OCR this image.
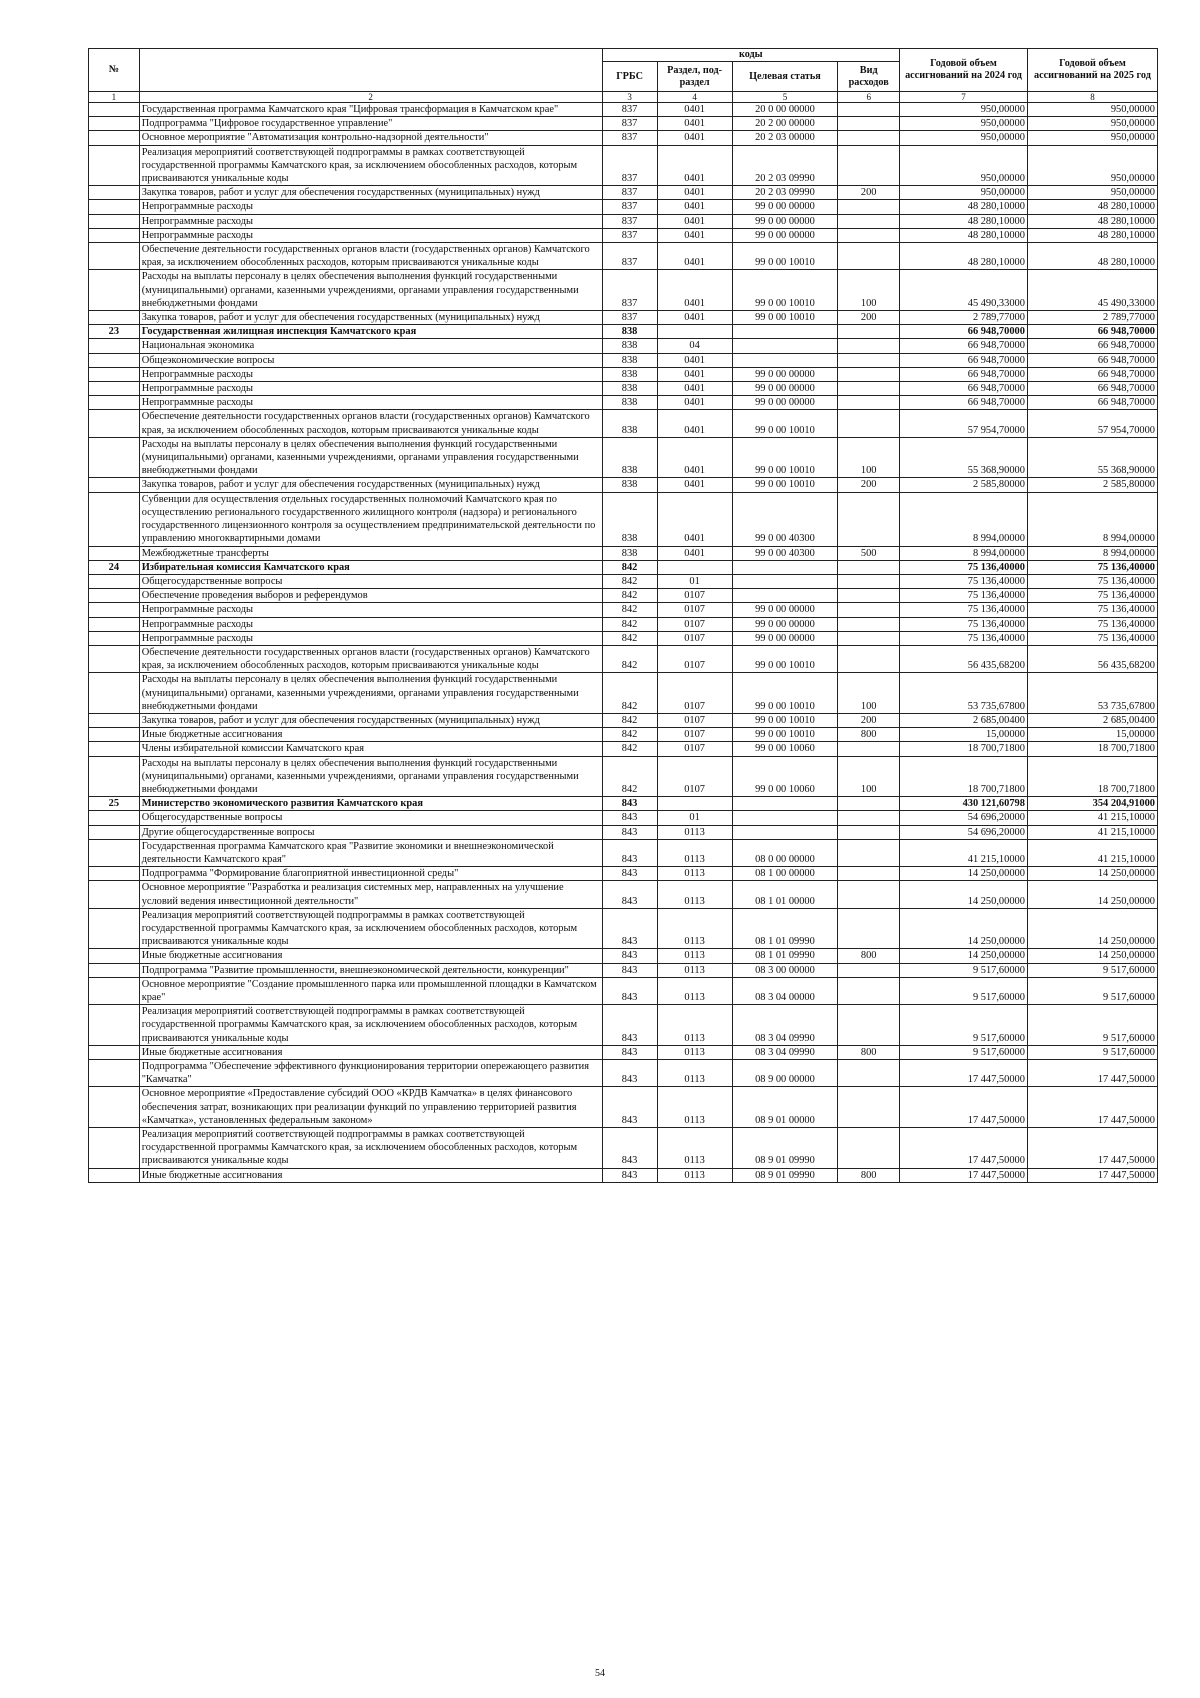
№		коды				Годовой объем ассигнований на 2024 год	Годовой объем ассигнований на 2025 год
		ГРБС	Раздел, под-раздел	Целевая статья	Вид расходов		
1	2	3	4	5	6	7	8
	Государственная программа Камчатского края "Цифровая трансформация в Камчатском крае"	837	0401	20 0 00 00000		950,00000	950,00000
	Подпрограмма "Цифровое государственное управление"	837	0401	20 2 00 00000		950,00000	950,00000
	Основное мероприятие "Автоматизация контрольно-надзорной деятельности"	837	0401	20 2 03 00000		950,00000	950,00000
	Реализация мероприятий соответствующей подпрограммы в рамках соответствующей государственной программы Камчатского края, за исключением обособленных расходов, которым присваиваются уникальные коды	837	0401	20 2 03 09990		950,00000	950,00000
	Закупка товаров, работ и услуг для обеспечения государственных (муниципальных) нужд	837	0401	20 2 03 09990	200	950,00000	950,00000
	Непрограммные расходы	837	0401	99 0 00 00000		48 280,10000	48 280,10000
	Непрограммные расходы	837	0401	99 0 00 00000		48 280,10000	48 280,10000
	Непрограммные расходы	837	0401	99 0 00 00000		48 280,10000	48 280,10000
	Обеспечение деятельности государственных органов власти (государственных органов) Камчатского края, за исключением обособленных расходов, которым присваиваются уникальные коды	837	0401	99 0 00 10010		48 280,10000	48 280,10000
	Расходы на выплаты персоналу в целях обеспечения выполнения функций государственными (муниципальными) органами, казенными учреждениями, органами управления государственными внебюджетными фондами	837	0401	99 0 00 10010	100	45 490,33000	45 490,33000
	Закупка товаров, работ и услуг для обеспечения государственных (муниципальных) нужд	837	0401	99 0 00 10010	200	2 789,77000	2 789,77000
23	Государственная жилищная инспекция Камчатского края	838				66 948,70000	66 948,70000
	Национальная экономика	838	04			66 948,70000	66 948,70000
	Общеэкономические вопросы	838	0401			66 948,70000	66 948,70000
	Непрограммные расходы	838	0401	99 0 00 00000		66 948,70000	66 948,70000
	Непрограммные расходы	838	0401	99 0 00 00000		66 948,70000	66 948,70000
	Непрограммные расходы	838	0401	99 0 00 00000		66 948,70000	66 948,70000
	Обеспечение деятельности государственных органов власти (государственных органов) Камчатского края, за исключением обособленных расходов, которым присваиваются уникальные коды	838	0401	99 0 00 10010		57 954,70000	57 954,70000
	Расходы на выплаты персоналу в целях обеспечения выполнения функций государственными (муниципальными) органами, казенными учреждениями, органами управления государственными внебюджетными фондами	838	0401	99 0 00 10010	100	55 368,90000	55 368,90000
	Закупка товаров, работ и услуг для обеспечения государственных (муниципальных) нужд	838	0401	99 0 00 10010	200	2 585,80000	2 585,80000
	Субвенции для осуществления отдельных государственных полномочий Камчатского края по осуществлению регионального государственного жилищного контроля (надзора) и регионального государственного лицензионного контроля за осуществлением предпринимательской деятельности по управлению многоквартирными домами	838	0401	99 0 00 40300		8 994,00000	8 994,00000
	Межбюджетные трансферты	838	0401	99 0 00 40300	500	8 994,00000	8 994,00000
24	Избирательная комиссия Камчатского края	842				75 136,40000	75 136,40000
	Общегосударственные вопросы	842	01			75 136,40000	75 136,40000
	Обеспечение проведения выборов и референдумов	842	0107			75 136,40000	75 136,40000
	Непрограммные расходы	842	0107	99 0 00 00000		75 136,40000	75 136,40000
	Непрограммные расходы	842	0107	99 0 00 00000		75 136,40000	75 136,40000
	Непрограммные расходы	842	0107	99 0 00 00000		75 136,40000	75 136,40000
	Обеспечение деятельности государственных органов власти (государственных органов) Камчатского края, за исключением обособленных расходов, которым присваиваются уникальные коды	842	0107	99 0 00 10010		56 435,68200	56 435,68200
	Расходы на выплаты персоналу в целях обеспечения выполнения функций государственными (муниципальными) органами, казенными учреждениями, органами управления государственными внебюджетными фондами	842	0107	99 0 00 10010	100	53 735,67800	53 735,67800
	Закупка товаров, работ и услуг для обеспечения государственных (муниципальных) нужд	842	0107	99 0 00 10010	200	2 685,00400	2 685,00400
	Иные бюджетные ассигнования	842	0107	99 0 00 10010	800	15,00000	15,00000
	Члены избирательной комиссии Камчатского края	842	0107	99 0 00 10060		18 700,71800	18 700,71800
	Расходы на выплаты персоналу в целях обеспечения выполнения функций государственными (муниципальными) органами, казенными учреждениями, органами управления государственными внебюджетными фондами	842	0107	99 0 00 10060	100	18 700,71800	18 700,71800
25	Министерство экономического развития Камчатского края	843				430 121,60798	354 204,91000
	Общегосударственные вопросы	843	01			54 696,20000	41 215,10000
	Другие общегосударственные вопросы	843	0113			54 696,20000	41 215,10000
	Государственная программа Камчатского края "Развитие экономики и внешнеэкономической деятельности Камчатского края"	843	0113	08 0 00 00000		41 215,10000	41 215,10000
	Подпрограмма "Формирование благоприятной инвестиционной среды"	843	0113	08 1 00 00000		14 250,00000	14 250,00000
	Основное мероприятие "Разработка и реализация системных мер, направленных на улучшение условий ведения инвестиционной деятельности"	843	0113	08 1 01 00000		14 250,00000	14 250,00000
	Реализация мероприятий соответствующей подпрограммы в рамках соответствующей государственной программы Камчатского края, за исключением обособленных расходов, которым присваиваются уникальные коды	843	0113	08 1 01 09990		14 250,00000	14 250,00000
	Иные бюджетные ассигнования	843	0113	08 1 01 09990	800	14 250,00000	14 250,00000
	Подпрограмма "Развитие промышленности, внешнеэкономической деятельности, конкуренции"	843	0113	08 3 00 00000		9 517,60000	9 517,60000
	Основное мероприятие "Создание промышленного парка или промышленной площадки в Камчатском крае"	843	0113	08 3 04 00000		9 517,60000	9 517,60000
	Реализация мероприятий соответствующей подпрограммы в рамках соответствующей государственной программы Камчатского края, за исключением обособленных расходов, которым присваиваются уникальные коды	843	0113	08 3 04 09990		9 517,60000	9 517,60000
	Иные бюджетные ассигнования	843	0113	08 3 04 09990	800	9 517,60000	9 517,60000
	Подпрограмма "Обеспечение эффективного функционирования территории опережающего развития "Камчатка"	843	0113	08 9 00 00000		17 447,50000	17 447,50000
	Основное мероприятие «Предоставление субсидий ООО «КРДВ Камчатка» в целях финансового обеспечения затрат, возникающих при реализации функций по управлению территорией развития «Камчатка», установленных федеральным законом»	843	0113	08 9 01 00000		17 447,50000	17 447,50000
	Реализация мероприятий соответствующей подпрограммы в рамках соответствующей государственной программы Камчатского края, за исключением обособленных расходов, которым присваиваются уникальные коды	843	0113	08 9 01 09990		17 447,50000	17 447,50000
	Иные бюджетные ассигнования	843	0113	08 9 01 09990	800	17 447,50000	17 447,50000
54
